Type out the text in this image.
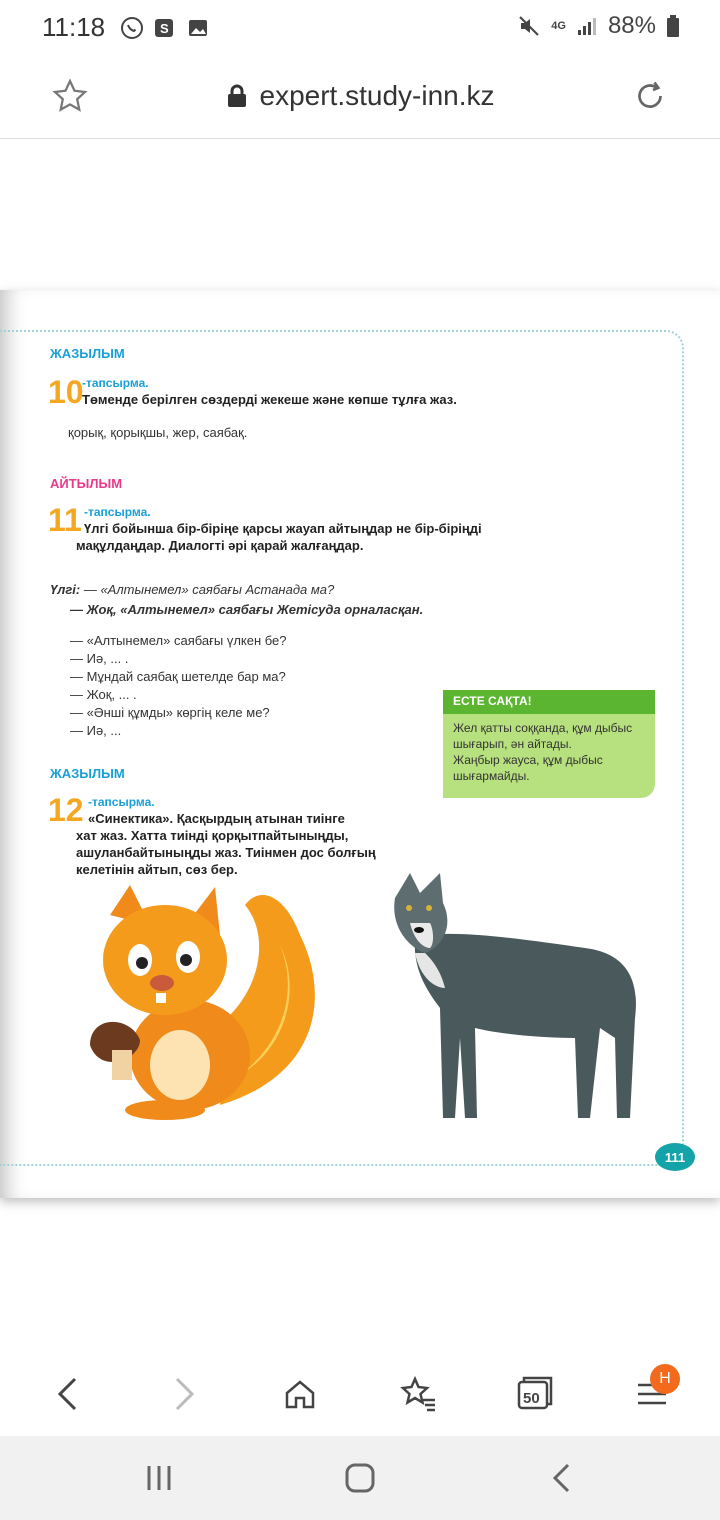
11:18	S	4G 88%
expert.study-inn.kz
ЖАЗЫЛЫМ
10
-тапсырма.
Төменде берілген сөздерді жекеше және көпше тұлға жаз.
қорық, қорықшы, жер, саябақ.
АЙТЫЛЫМ
11 -тапсырма.
Үлгі бойынша бір-біріңе қарсы жауап айтыңдар не бір-біріңді
мақұлдаңдар. Диалогті әрі қарай жалғаңдар.
Үлгі: — «Алтынемел» саябағы Астанада ма?
— Жоқ, «Алтынемел» саябағы Жетісуда орналасқан.
— «Алтынемел» саябағы үлкен бе?
— Иә, ... .
— Мұндай саябақ шетелде бар ма?
— Жоқ, ... .
— «Әнші құмды» көргің келе ме?
— Иә, ...
ЕСТЕ САҚТА!
Жел қатты соққанда, құм дыбыс
шығарып, ән айтады.
Жаңбыр жауса, құм дыбыс
шығармайды.
ЖАЗЫЛЫМ
12 -тапсырма.
«Синектика». Қасқырдың атынан тиінге
хат жаз. Хатта тиінді қорқытпайтыныңды,
ашуланбайтыныңды жаз. Тиінмен дос болғың
келетінін айтып, сөз бер.
111
50
H
